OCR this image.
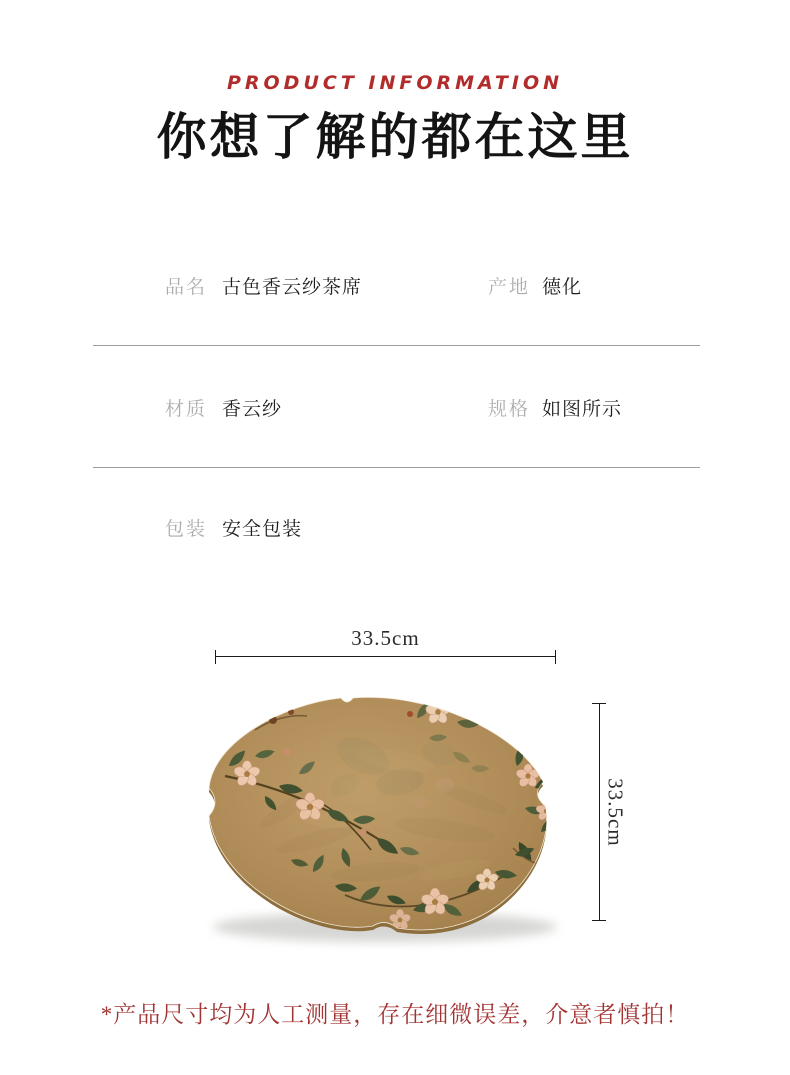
PRODUCT INFORMATION
你想了解的都在这里
品名 古色香云纱茶席	产地 德化
材质 香云纱	规格 如图所示
包装 安全包装
33.5cm
33.5cm
*产品尺寸均为人工测量，存在细微误差，介意者慎拍！
